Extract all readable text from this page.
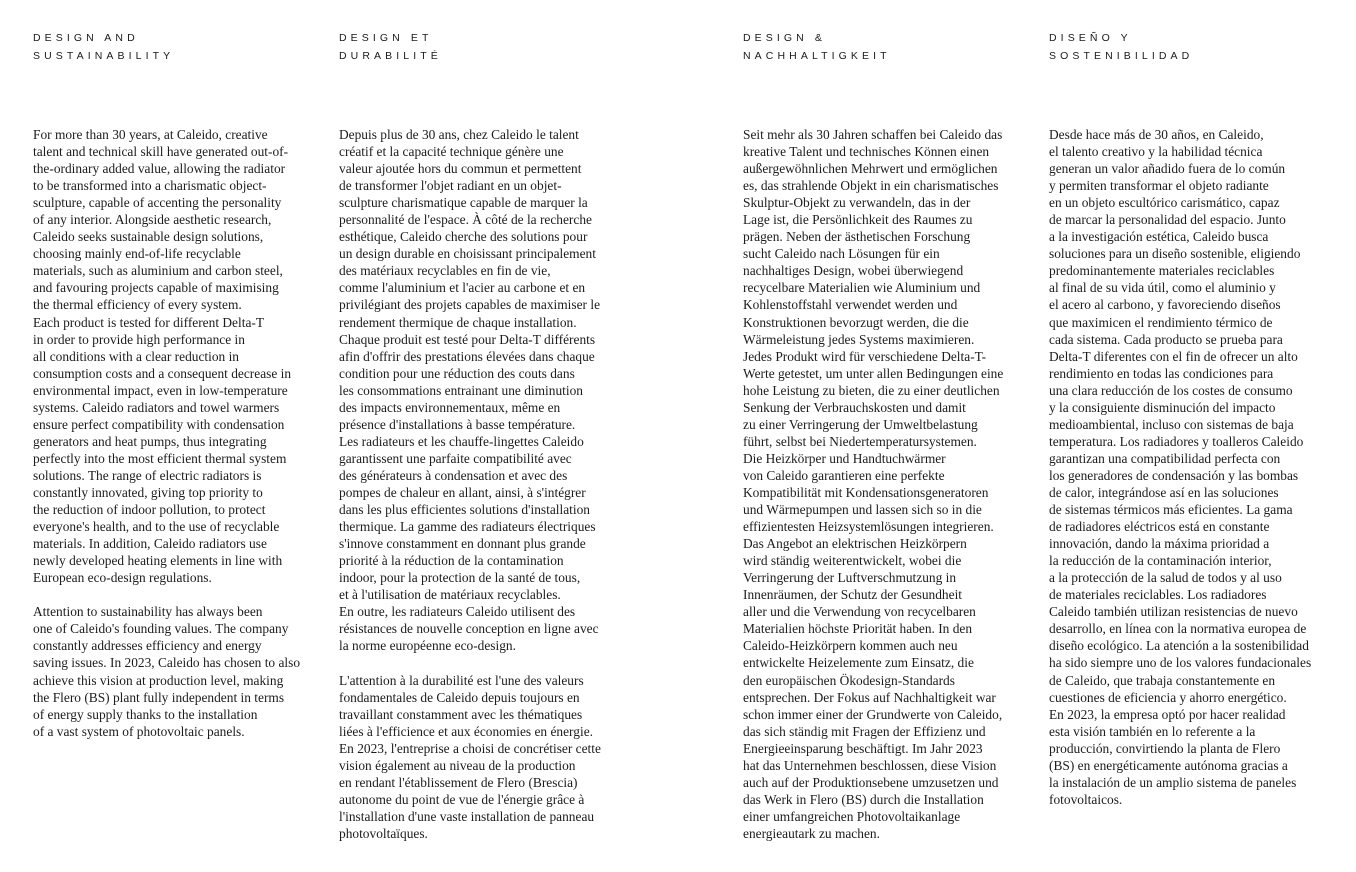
DESIGN AND
SUSTAINABILITY

For more than 30 years, at Caleido, creative
talent and technical skill have generated out-of-
the-ordinary added value, allowing the radiator
to be transformed into a charismatic object-
sculpture, capable of accenting the personality
of any interior. Alongside aesthetic research,
Caleido seeks sustainable design solutions,
choosing mainly end-of-life recyclable
materials, such as aluminium and carbon steel,
and favouring projects capable of maximising
the thermal efficiency of every system.
Each product is tested for different Delta-T
in order to provide high performance in
all conditions with a clear reduction in
consumption costs and a consequent decrease in
environmental impact, even in low-temperature
systems. Caleido radiators and towel warmers
ensure perfect compatibility with condensation
generators and heat pumps, thus integrating
perfectly into the most efficient thermal system
solutions. The range of electric radiators is
constantly innovated, giving top priority to
the reduction of indoor pollution, to protect
everyone's health, and to the use of recyclable
materials. In addition, Caleido radiators use
newly developed heating elements in line with
European eco-design regulations.

Attention to sustainability has always been
one of Caleido's founding values. The company
constantly addresses efficiency and energy
saving issues. In 2023, Caleido has chosen to also
achieve this vision at production level, making
the Flero (BS) plant fully independent in terms
of energy supply thanks to the installation
of a vast system of photovoltaic panels.

DESIGN ET
DURABILITÉ

Depuis plus de 30 ans, chez Caleido le talent
créatif et la capacité technique génère une
valeur ajoutée hors du commun et permettent
de transformer l'objet radiant en un objet-
sculpture charismatique capable de marquer la
personnalité de l'espace. À côté de la recherche
esthétique, Caleido cherche des solutions pour
un design durable en choisissant principalement
des matériaux recyclables en fin de vie,
comme l'aluminium et l'acier au carbone et en
privilégiant des projets capables de maximiser le
rendement thermique de chaque installation.
Chaque produit est testé pour Delta-T différents
afin d'offrir des prestations élevées dans chaque
condition pour une réduction des couts dans
les consommations entrainant une diminution
des impacts environnementaux, même en
présence d'installations à basse température.
Les radiateurs et les chauffe-lingettes Caleido
garantissent une parfaite compatibilité avec
des générateurs à condensation et avec des
pompes de chaleur en allant, ainsi, à s'intégrer
dans les plus efficientes solutions d'installation
thermique. La gamme des radiateurs électriques
s'innove constamment en donnant plus grande
priorité à la réduction de la contamination
indoor, pour la protection de la santé de tous,
et à l'utilisation de matériaux recyclables.
En outre, les radiateurs Caleido utilisent des
résistances de nouvelle conception en ligne avec
la norme européenne eco-design.

L'attention à la durabilité est l'une des valeurs
fondamentales de Caleido depuis toujours en
travaillant constamment avec les thématiques
liées à l'efficience et aux économies en énergie.
En 2023, l'entreprise a choisi de concrétiser cette
vision également au niveau de la production
en rendant l'établissement de Flero (Brescia)
autonome du point de vue de l'énergie grâce à
l'installation d'une vaste installation de panneau
photovoltaïques.

DESIGN &
NACHHALTIGKEIT

Seit mehr als 30 Jahren schaffen bei Caleido das
kreative Talent und technisches Können einen
außergewöhnlichen Mehrwert und ermöglichen
es, das strahlende Objekt in ein charismatisches
Skulptur-Objekt zu verwandeln, das in der
Lage ist, die Persönlichkeit des Raumes zu
prägen. Neben der ästhetischen Forschung
sucht Caleido nach Lösungen für ein
nachhaltiges Design, wobei überwiegend
recycelbare Materialien wie Aluminium und
Kohlenstoffstahl verwendet werden und
Konstruktionen bevorzugt werden, die die
Wärmeleistung jedes Systems maximieren.
Jedes Produkt wird für verschiedene Delta-T-
Werte getestet, um unter allen Bedingungen eine
hohe Leistung zu bieten, die zu einer deutlichen
Senkung der Verbrauchskosten und damit
zu einer Verringerung der Umweltbelastung
führt, selbst bei Niedertemperatursystemen.
Die Heizkörper und Handtuchwärmer
von Caleido garantieren eine perfekte
Kompatibilität mit Kondensationsgeneratoren
und Wärmepumpen und lassen sich so in die
effizientesten Heizsystemlösungen integrieren.
Das Angebot an elektrischen Heizkörpern
wird ständig weiterentwickelt, wobei die
Verringerung der Luftverschmutzung in
Innenräumen, der Schutz der Gesundheit
aller und die Verwendung von recycelbaren
Materialien höchste Priorität haben. In den
Caleido-Heizkörpern kommen auch neu
entwickelte Heizelemente zum Einsatz, die
den europäischen Ökodesign-Standards
entsprechen. Der Fokus auf Nachhaltigkeit war
schon immer einer der Grundwerte von Caleido,
das sich ständig mit Fragen der Effizienz und
Energieeinsparung beschäftigt. Im Jahr 2023
hat das Unternehmen beschlossen, diese Vision
auch auf der Produktionsebene umzusetzen und
das Werk in Flero (BS) durch die Installation
einer umfangreichen Photovoltaikanlage
energieautark zu machen.

DISEÑO Y
SOSTENIBILIDAD

Desde hace más de 30 años, en Caleido,
el talento creativo y la habilidad técnica
generan un valor añadido fuera de lo común
y permiten transformar el objeto radiante
en un objeto escultórico carismático, capaz
de marcar la personalidad del espacio. Junto
a la investigación estética, Caleido busca
soluciones para un diseño sostenible, eligiendo
predominantemente materiales reciclables
al final de su vida útil, como el aluminio y
el acero al carbono, y favoreciendo diseños
que maximicen el rendimiento térmico de
cada sistema. Cada producto se prueba para
Delta-T diferentes con el fin de ofrecer un alto
rendimiento en todas las condiciones para
una clara reducción de los costes de consumo
y la consiguiente disminución del impacto
medioambiental, incluso con sistemas de baja
temperatura. Los radiadores y toalleros Caleido
garantizan una compatibilidad perfecta con
los generadores de condensación y las bombas
de calor, integrándose así en las soluciones
de sistemas térmicos más eficientes. La gama
de radiadores eléctricos está en constante
innovación, dando la máxima prioridad a
la reducción de la contaminación interior,
a la protección de la salud de todos y al uso
de materiales reciclables. Los radiadores
Caleido también utilizan resistencias de nuevo
desarrollo, en línea con la normativa europea de
diseño ecológico. La atención a la sostenibilidad
ha sido siempre uno de los valores fundacionales
de Caleido, que trabaja constantemente en
cuestiones de eficiencia y ahorro energético.
En 2023, la empresa optó por hacer realidad
esta visión también en lo referente a la
producción, convirtiendo la planta de Flero
(BS) en energéticamente autónoma gracias a
la instalación de un amplio sistema de paneles
fotovoltaicos.
